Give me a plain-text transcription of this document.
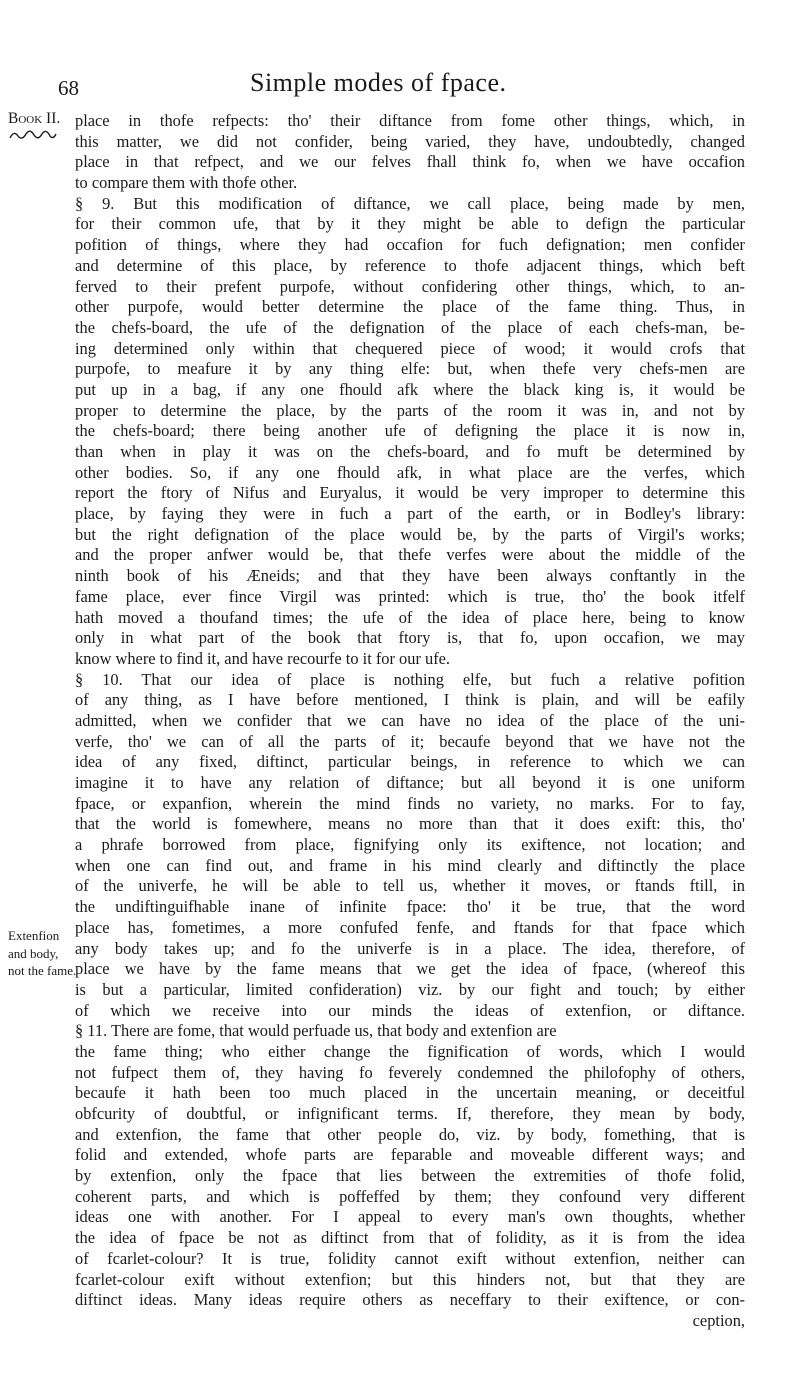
68	Simple modes of fpace.
Book II.
Extenfion
and body,
not the fame.
place in thofe refpects: tho' their diftance from fome other things, which, in
this matter, we did not confider, being varied, they have, undoubtedly, changed
place in that refpect, and we our felves fhall think fo, when we have occafion
to compare them with thofe other.
§ 9. But this modification of diftance, we call place, being made by men,
for their common ufe, that by it they might be able to defign the particular
pofition of things, where they had occafion for fuch defignation; men confider
and determine of this place, by reference to thofe adjacent things, which beft
ferved to their prefent purpofe, without confidering other things, which, to an-
other purpofe, would better determine the place of the fame thing. Thus, in
the chefs-board, the ufe of the defignation of the place of each chefs-man, be-
ing determined only within that chequered piece of wood; it would crofs that
purpofe, to meafure it by any thing elfe: but, when thefe very chefs-men are
put up in a bag, if any one fhould afk where the black king is, it would be
proper to determine the place, by the parts of the room it was in, and not by
the chefs-board; there being another ufe of defigning the place it is now in,
than when in play it was on the chefs-board, and fo muft be determined by
other bodies. So, if any one fhould afk, in what place are the verfes, which
report the ftory of Nifus and Euryalus, it would be very improper to determine this
place, by faying they were in fuch a part of the earth, or in Bodley's library:
but the right defignation of the place would be, by the parts of Virgil's works;
and the proper anfwer would be, that thefe verfes were about the middle of the
ninth book of his Æneids; and that they have been always conftantly in the
fame place, ever fince Virgil was printed: which is true, tho' the book itfelf
hath moved a thoufand times; the ufe of the idea of place here, being to know
only in what part of the book that ftory is, that fo, upon occafion, we may
know where to find it, and have recourfe to it for our ufe.
§ 10. That our idea of place is nothing elfe, but fuch a relative pofition
of any thing, as I have before mentioned, I think is plain, and will be eafily
admitted, when we confider that we can have no idea of the place of the uni-
verfe, tho' we can of all the parts of it; becaufe beyond that we have not the
idea of any fixed, diftinct, particular beings, in reference to which we can
imagine it to have any relation of diftance; but all beyond it is one uniform
fpace, or expanfion, wherein the mind finds no variety, no marks. For to fay,
that the world is fomewhere, means no more than that it does exift: this, tho'
a phrafe borrowed from place, fignifying only its exiftence, not location; and
when one can find out, and frame in his mind clearly and diftinctly the place
of the univerfe, he will be able to tell us, whether it moves, or ftands ftill, in
the undiftinguifhable inane of infinite fpace: tho' it be true, that the word
place has, fometimes, a more confufed fenfe, and ftands for that fpace which
any body takes up; and fo the univerfe is in a place. The idea, therefore, of
place we have by the fame means that we get the idea of fpace, (whereof this
is but a particular, limited confideration) viz. by our fight and touch; by either
of which we receive into our minds the ideas of extenfion, or diftance.
§ 11. There are fome, that would perfuade us, that body and extenfion are
the fame thing; who either change the fignification of words, which I would
not fufpect them of, they having fo feverely condemned the philofophy of others,
becaufe it hath been too much placed in the uncertain meaning, or deceitful
obfcurity of doubtful, or infignificant terms. If, therefore, they mean by body,
and extenfion, the fame that other people do, viz. by body, fomething, that is
folid and extended, whofe parts are feparable and moveable different ways; and
by extenfion, only the fpace that lies between the extremities of thofe folid,
coherent parts, and which is poffeffed by them; they confound very different
ideas one with another. For I appeal to every man's own thoughts, whether
the idea of fpace be not as diftinct from that of folidity, as it is from the idea
of fcarlet-colour? It is true, folidity cannot exift without extenfion, neither can
fcarlet-colour exift without extenfion; but this hinders not, but that they are
diftinct ideas. Many ideas require others as neceffary to their exiftence, or con-
ception,
